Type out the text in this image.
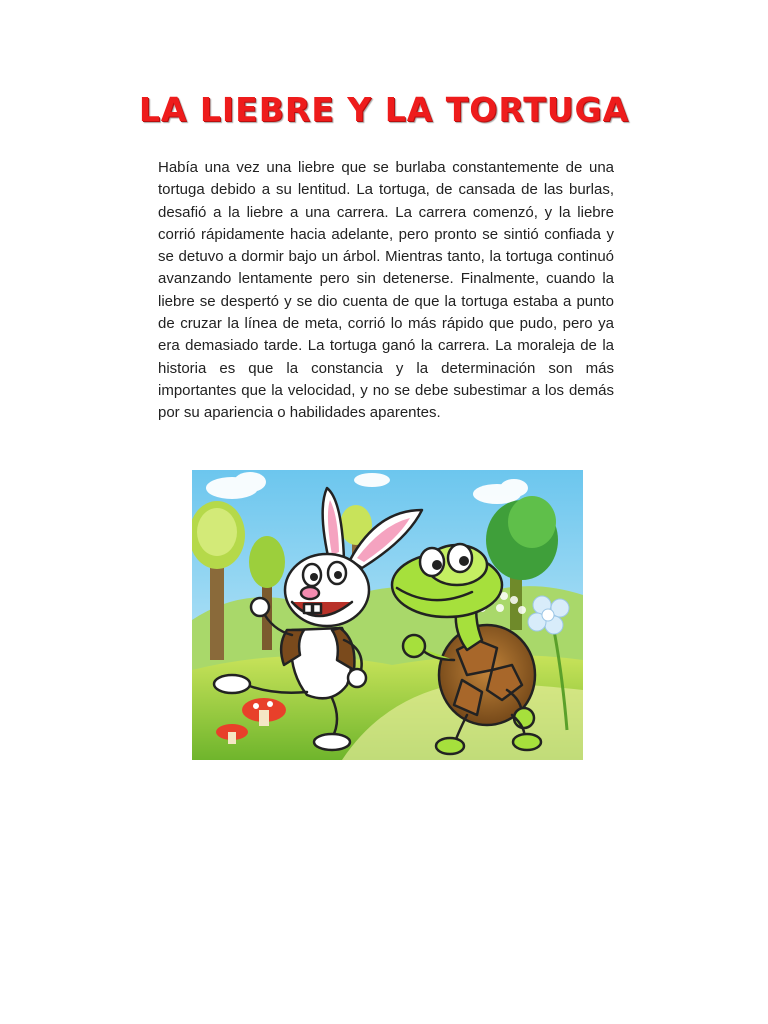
LA LIEBRE Y LA TORTUGA

Había una vez una liebre que se burlaba constantemente de una tortuga debido a su lentitud. La tortuga, de cansada de las burlas, desafió a la liebre a una carrera. La carrera comenzó, y la liebre corrió rápidamente hacia adelante, pero pronto se sintió confiada y se detuvo a dormir bajo un árbol. Mientras tanto, la tortuga continuó avanzando lentamente pero sin detenerse. Finalmente, cuando la liebre se despertó y se dio cuenta de que la tortuga estaba a punto de cruzar la línea de meta, corrió lo más rápido que pudo, pero ya era demasiado tarde. La tortuga ganó la carrera. La moraleja de la historia es que la constancia y la determinación son más importantes que la velocidad, y no se debe subestimar a los demás por su apariencia o habilidades aparentes.
